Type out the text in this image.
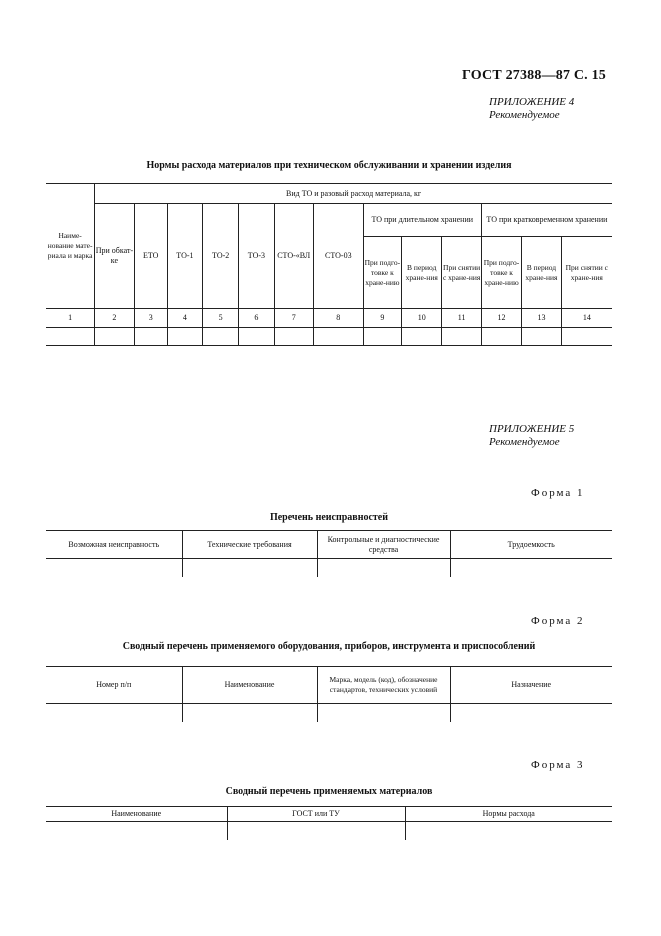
ГОСТ 27388—87 С. 15
ПРИЛОЖЕНИЕ 4
Рекомендуемое
Нормы расхода материалов при техническом обслуживании и хранении изделия
Наиме-нование мате-риала и марка	Вид ТО и разовый расход материала, кг												
	При обкат-ке	ЕТО	ТО-1	ТО-2	ТО-3	СТО-«ВЛ	СТО-03	ТО при длительном хранении			ТО при кратковременном хранении		
								При подго-товке к хране-нию	В период хране-ния	При снятии с хране-ния	При подго-товке к хране-нию	В период хране-ния	При снятии с хране-ния
1	2	3	4	5	6	7	8	9	10	11	12	13	14

ПРИЛОЖЕНИЕ 5
Рекомендуемое
Форма 1
Перечень неисправностей
Возможная неисправность	Технические требования	Контрольные и диагностические средства	Трудоемкость

Форма 2
Сводный перечень применяемого оборудования, приборов, инструмента и приспособлений
Номер п/п	Наименование	Марка, модель (код), обозначение стандартов, технических условий	Назначение

Форма 3
Сводный перечень применяемых материалов
Наименование	ГОСТ или ТУ	Нормы расхода
